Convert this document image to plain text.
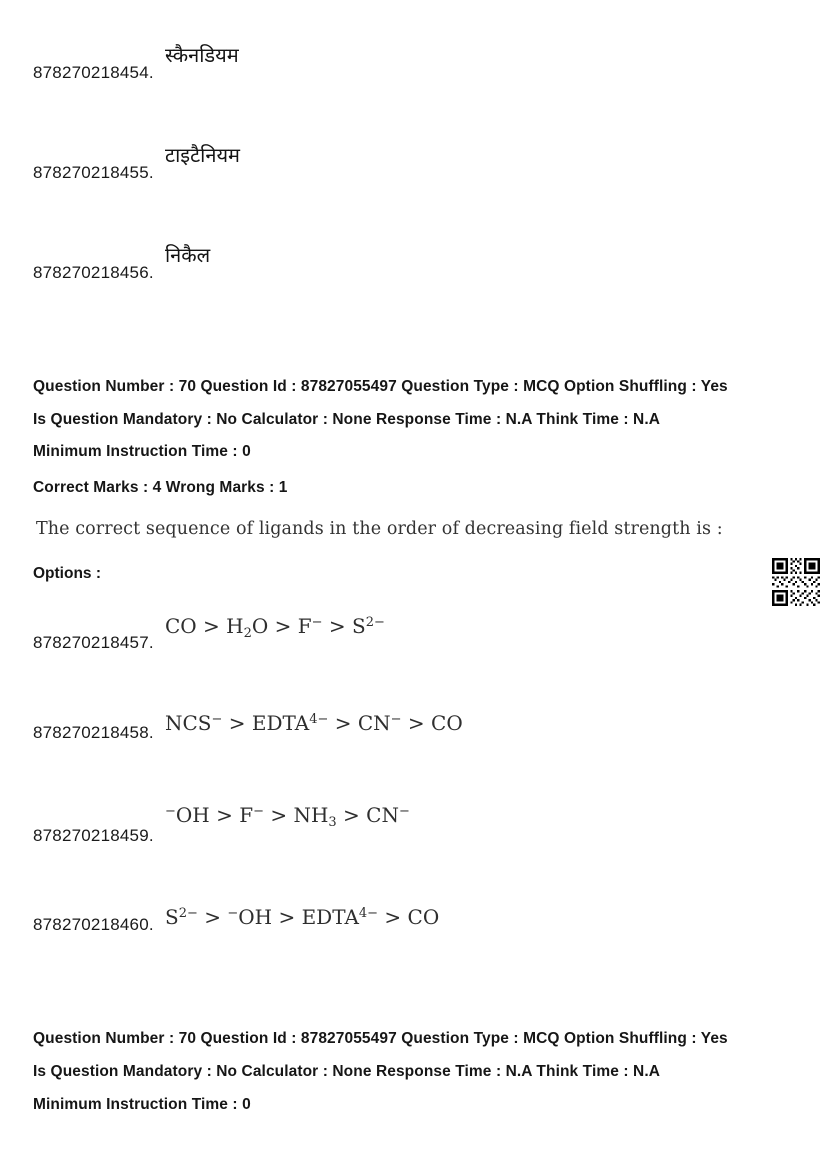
स्कैनडियम
878270218454.
टाइटैनियम
878270218455.
निकैल
878270218456.
Question Number : 70 Question Id : 87827055497 Question Type : MCQ Option Shuffling : Yes
Is Question Mandatory : No Calculator : None Response Time : N.A Think Time : N.A
Minimum Instruction Time : 0
Correct Marks : 4 Wrong Marks : 1
The correct sequence of ligands in the order of decreasing field strength is :
Options :
CO > $H_2O > F^- > S^{2-}$
878270218457.
$NCS^- > EDTA^{4-} > CN^-$ > CO
878270218458.
$^-OH > F^- > NH_3 > CN^-$
878270218459.
$S^{2-} > ^-OH$ > $EDTA^{4-}$ > CO
878270218460.
Question Number : 70 Question Id : 87827055497 Question Type : MCQ Option Shuffling : Yes
Is Question Mandatory : No Calculator : None Response Time : N.A Think Time : N.A
Minimum Instruction Time : 0
